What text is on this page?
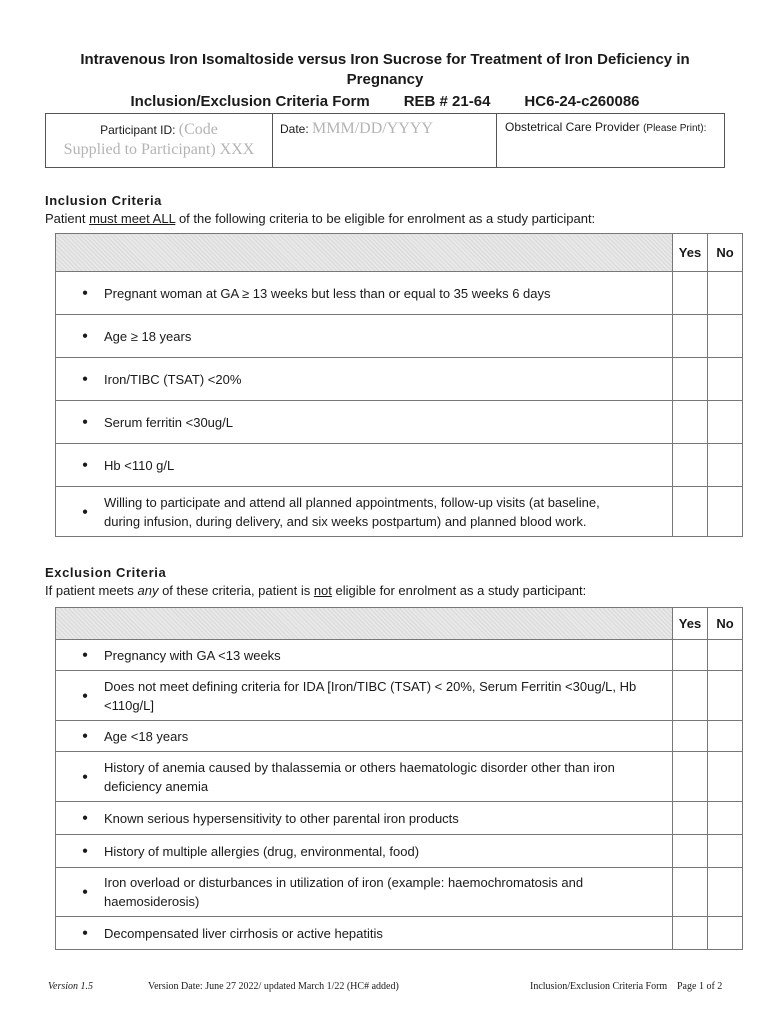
Intravenous Iron Isomaltoside versus Iron Sucrose for Treatment of Iron Deficiency in
Pregnancy
Inclusion/Exclusion Criteria Form REB # 21-64 HC6-24-c260086
Participant ID: (Code
Supplied to Participant) XXX
Date: MMM/DD/YYYY	Obstetrical Care Provider (Please Print):
Inclusion Criteria
Patient must meet ALL of the following criteria to be eligible for enrolment as a study participant:
	Yes	No

● Pregnant woman at GA ≥ 13 weeks but less than or equal to 35 weeks 6 days		

● Age ≥ 18 years		

● Iron/TIBC (TSAT) <20%		

● Serum ferritin <30ug/L		

● Hb <110 g/L		

●
Willing to participate and attend all planned appointments, follow-up visits (at baseline,
during infusion, during delivery, and six weeks postpartum) and planned blood work.		

Exclusion Criteria
If patient meets any of these criteria, patient is not eligible for enrolment as a study participant:
	Yes	No

● Pregnancy with GA <13 weeks		

●
Does not meet defining criteria for IDA [Iron/TIBC (TSAT) < 20%, Serum Ferritin <30ug/L, Hb
<110g/L]		

● Age <18 years		

●
History of anemia caused by thalassemia or others haematologic disorder other than iron
deficiency anemia		

● Known serious hypersensitivity to other parental iron products		

● History of multiple allergies (drug, environmental, food)		

●
Iron overload or disturbances in utilization of iron (example: haemochromatosis and
haemosiderosis)		

● Decompensated liver cirrhosis or active hepatitis		

Version 1.5	Version Date: June 27 2022/ updated March 1/22 (HC# added)	Inclusion/Exclusion Criteria Form Page 1 of 2
